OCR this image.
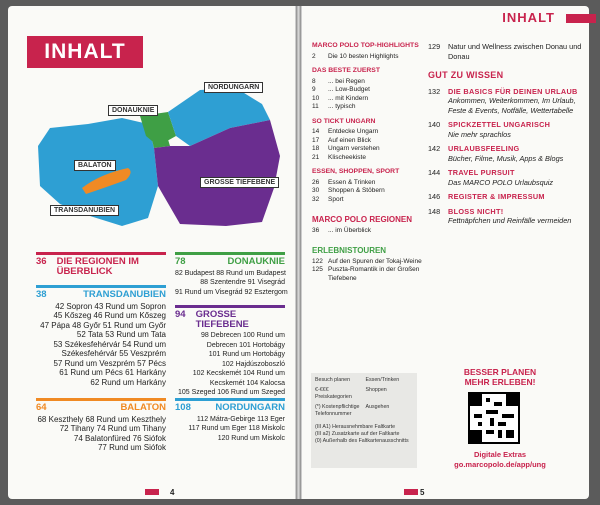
INHALT
DONAUKNIE
NORDUNGARN
BALATON
GROSSE TIEFEBENE
TRANSDANUBIEN
36 DIE REGIONEN IM
ÜBERBLICK
38	TRANSDANUBIEN
42 Sopron 43 Rund um Sopron
45 Kőszeg 46 Rund um Kőszeg
47 Pápa 48 Győr 51 Rund um Győr
52 Tata 53 Rund um Tata
53 Székesfehérvár 54 Rund um
Székesfehérvár 55 Veszprém
57 Rund um Veszprém 57 Pécs
61 Rund um Pécs 61 Harkány
62 Rund um Harkány
64	BALATON
68 Keszthely 68 Rund um Keszthely
72 Tihany 74 Rund um Tihany
74 Balatonfüred 76 Siófok
77 Rund um Siófok
78	DONAUKNIE
82 Budapest 88 Rund um Budapest
88 Szentendre 91 Visegrád
91 Rund um Visegrád 92 Esztergom
94 GROSSE TIEFEBENE
98 Debrecen 100 Rund um
Debrecen 101 Hortobágy
101 Rund um Hortobágy
102 Hajdúszoboszló
102 Kecskemét 104 Rund um
Kecskemét 104 Kalocsa
105 Szeged 106 Rund um Szeged
108	NORDUNGARN
112 Mátra-Gebirge 113 Eger
117 Rund um Eger 118 Miskolc
120 Rund um Miskolc
4
INHALT
MARCO POLO TOP-HIGHLIGHTS
2	Die 10 besten Highlights
DAS BESTE ZUERST
8	... bei Regen
9	... Low-Budget
10	... mit Kindern
11	... typisch
SO TICKT UNGARN
14	Entdecke Ungarn
17	Auf einen Blick
18	Ungarn verstehen
21	Klischeekiste
ESSEN, SHOPPEN, SPORT
26	Essen & Trinken
30	Shoppen & Stöbern
32	Sport
MARCO POLO REGIONEN
36	... im Überblick
ERLEBNISTOUREN
122 Auf den Spuren der Tokaj-Weine
125 Puszta-Romantik in der Großen Tiefebene
129 Natur und Wellness zwischen Donau und Donau
GUT ZU WISSEN
132 DIE BASICS FÜR DEINEN URLAUB
Ankommen, Weiterkommen, Im Urlaub, Feste & Events, Notfälle, Wettertabelle
140 SPICKZETTEL UNGARISCH
Nie mehr sprachlos
142 URLAUBSFEELING
Bücher, Filme, Musik, Apps & Blogs
144 TRAVEL PURSUIT
Das MARCO POLO Urlaubsquiz
146 REGISTER & IMPRESSUM
148 BLOSS NICHT!
Fettnäpfchen und Reinfälle vermeiden
Besuch planen	Essen/Trinken
€-€€€ Preiskategorien
Shoppen
(*) Kostenpflichtige Telefonnummer
Ausgehen
(III A1) Herausnehmbare Faltkarte
(III a2) Zusatzkarte auf der Faltkarte
(0) Außerhalb des Faltkartenausschnitts
BESSER PLANEN
MEHR ERLEBEN!
Digitale Extras
go.marcopolo.de/app/ung
5
